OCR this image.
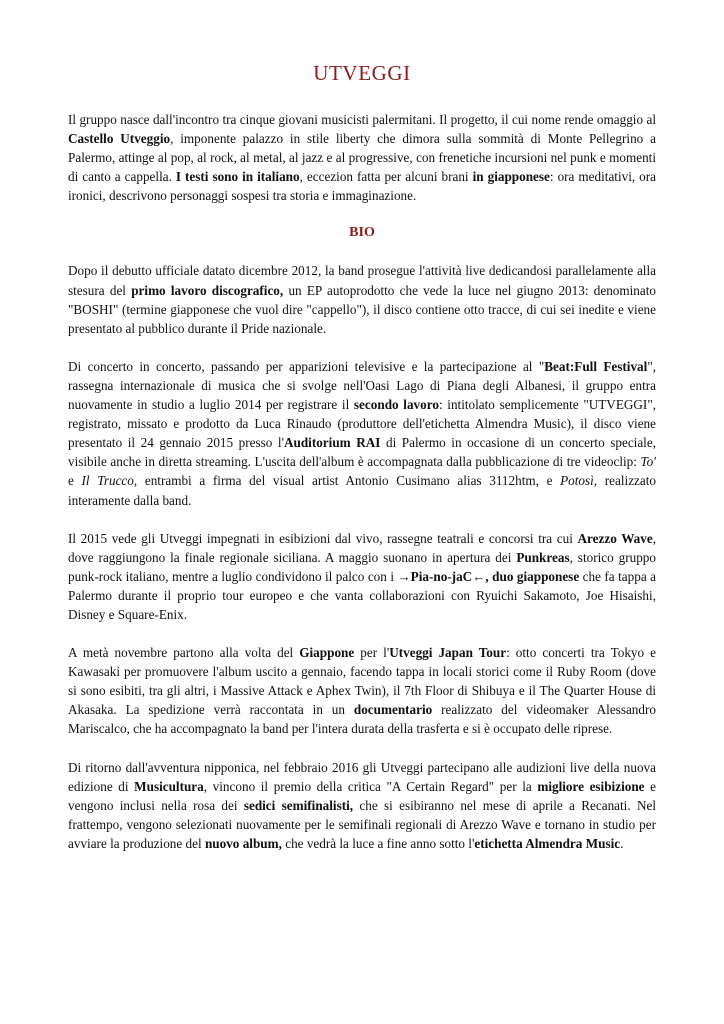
UTVEGGI

Il gruppo nasce dall'incontro tra cinque giovani musicisti palermitani. Il progetto, il cui nome rende omaggio al Castello Utveggio, imponente palazzo in stile liberty che dimora sulla sommità di Monte Pellegrino a Palermo, attinge al pop, al rock, al metal, al jazz e al progressive, con frenetiche incursioni nel punk e momenti di canto a cappella. I testi sono in italiano, eccezion fatta per alcuni brani in giapponese: ora meditativi, ora ironici, descrivono personaggi sospesi tra storia e immaginazione.

BIO

Dopo il debutto ufficiale datato dicembre 2012, la band prosegue l'attività live dedicandosi parallelamente alla stesura del primo lavoro discografico, un EP autoprodotto che vede la luce nel giugno 2013: denominato "BOSHI" (termine giapponese che vuol dire "cappello"), il disco contiene otto tracce, di cui sei inedite e viene presentato al pubblico durante il Pride nazionale.

Di concerto in concerto, passando per apparizioni televisive e la partecipazione al "Beat:Full Festival", rassegna internazionale di musica che si svolge nell'Oasi Lago di Piana degli Albanesi, il gruppo entra nuovamente in studio a luglio 2014 per registrare il secondo lavoro: intitolato semplicemente "UTVEGGI", registrato, missato e prodotto da Luca Rinaudo (produttore dell'etichetta Almendra Music), il disco viene presentato il 24 gennaio 2015 presso l'Auditorium RAI di Palermo in occasione di un concerto speciale, visibile anche in diretta streaming. L'uscita dell'album è accompagnata dalla pubblicazione di tre videoclip: To' e Il Trucco, entrambi a firma del visual artist Antonio Cusimano alias 3112htm, e Potosì, realizzato interamente dalla band.

Il 2015 vede gli Utveggi impegnati in esibizioni dal vivo, rassegne teatrali e concorsi tra cui Arezzo Wave, dove raggiungono la finale regionale siciliana. A maggio suonano in apertura dei Punkreas, storico gruppo punk-rock italiano, mentre a luglio condividono il palco con i →Pia-no-jaC←, duo giapponese che fa tappa a Palermo durante il proprio tour europeo e che vanta collaborazioni con Ryuichi Sakamoto, Joe Hisaishi, Disney e Square-Enix.

A metà novembre partono alla volta del Giappone per l'Utveggi Japan Tour: otto concerti tra Tokyo e Kawasaki per promuovere l'album uscito a gennaio, facendo tappa in locali storici come il Ruby Room (dove si sono esibiti, tra gli altri, i Massive Attack e Aphex Twin), il 7th Floor di Shibuya e il The Quarter House di Akasaka. La spedizione verrà raccontata in un documentario realizzato del videomaker Alessandro Mariscalco, che ha accompagnato la band per l'intera durata della trasferta e si è occupato delle riprese.

Di ritorno dall'avventura nipponica, nel febbraio 2016 gli Utveggi partecipano alle audizioni live della nuova edizione di Musicultura, vincono il premio della critica "A Certain Regard" per la migliore esibizione e vengono inclusi nella rosa dei sedici semifinalisti, che si esibiranno nel mese di aprile a Recanati. Nel frattempo, vengono selezionati nuovamente per le semifinali regionali di Arezzo Wave e tornano in studio per avviare la produzione del nuovo album, che vedrà la luce a fine anno sotto l'etichetta Almendra Music.
